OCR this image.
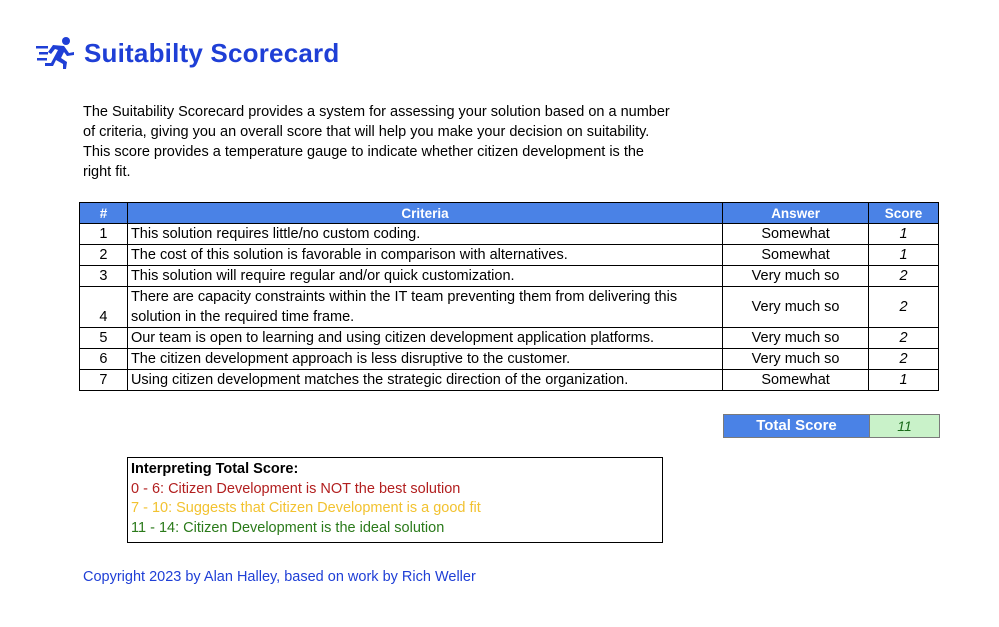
Suitabilty Scorecard
The Suitability Scorecard provides a system for assessing your solution based on a number of criteria, giving you an overall score that will help you make your decision on suitability. This score provides a temperature gauge to indicate whether citizen development is the right fit.
#	Criteria	Answer	Score
1	This solution requires little/no custom coding.	Somewhat	1
2	The cost of this solution is favorable in comparison with alternatives.	Somewhat	1
3	This solution will require regular and/or quick customization.	Very much so	2
4	There are capacity constraints within the IT team preventing them from delivering this solution in the required time frame.	Very much so	2
5	Our team is open to learning and using citizen development application platforms.	Very much so	2
6	The citizen development approach is less disruptive to the customer.	Very much so	2
7	Using citizen development matches the strategic direction of the organization.	Somewhat	1
Total Score	11
Interpreting Total Score:
0 - 6: Citizen Development is NOT the best solution
7 - 10: Suggests that Citizen Development is a good fit
11 - 14: Citizen Development is the ideal solution
Copyright 2023 by Alan Halley, based on work by Rich Weller
